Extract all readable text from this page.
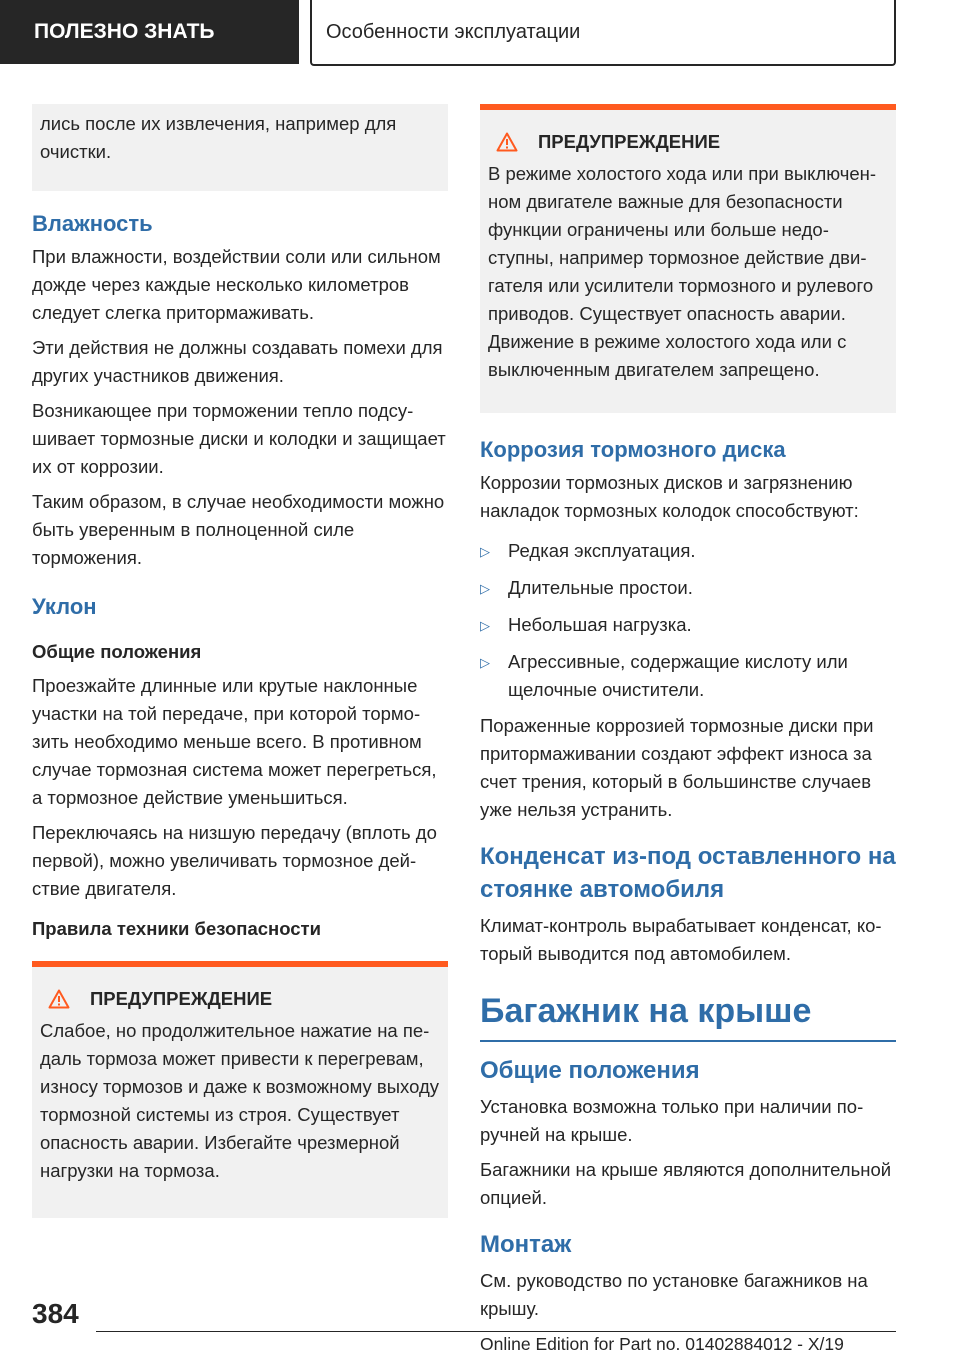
ПОЛЕЗНО ЗНАТЬ	Особенности эксплуатации

лись после их извлечения, например для очистки.

Влажность

При влажности, воздействии соли или сильном дожде через каждые несколько километров следует слегка притормаживать.

Эти действия не должны создавать помехи для других участников движения.

Возникающее при торможении тепло подсушивает тормозные диски и колодки и защищает их от коррозии.

Таким образом, в случае необходимости можно быть уверенным в полноценной силе торможения.

Уклон
Общие положения

Проезжайте длинные или крутые наклонные участки на той передаче, при которой тормозить необходимо меньше всего. В противном случае тормозная система может перегреться, а тормозное действие уменьшиться.

Переключаясь на низшую передачу (вплоть до первой), можно увеличивать тормозное действие двигателя.

Правила техники безопасности
ПРЕДУПРЕЖДЕНИЕ

Слабое, но продолжительное нажатие на педаль тормоза может привести к перегревам, износу тормозов и даже к возможному выходу тормозной системы из строя. Существует опасность аварии. Избегайте чрезмерной нагрузки на тормоза.

ПРЕДУПРЕЖДЕНИЕ

В режиме холостого хода или при выключенном двигателе важные для безопасности функции ограничены или больше недоступны, например тормозное действие двигателя или усилители тормозного и рулевого приводов. Существует опасность аварии. Движение в режиме холостого хода или с выключенным двигателем запрещено.

Коррозия тормозного диска

Коррозии тормозных дисков и загрязнению накладок тормозных колодок способствуют:

▷ Редкая эксплуатация.
▷ Длительные простои.
▷ Небольшая нагрузка.
▷ Агрессивные, содержащие кислоту или щелочные очистители.

Пораженные коррозией тормозные диски при притормаживании создают эффект износа за счет трения, который в большинстве случаев уже нельзя устранить.

Конденсат из-под оставленного на стоянке автомобиля

Климат-контроль вырабатывает конденсат, который выводится под автомобилем.

Багажник на крыше
Общие положения

Установка возможна только при наличии поручней на крыше.

Багажники на крыше являются дополнительной опцией.

Монтаж

См. руководство по установке багажников на крышу.

384
Online Edition for Part no. 01402884012 - X/19
